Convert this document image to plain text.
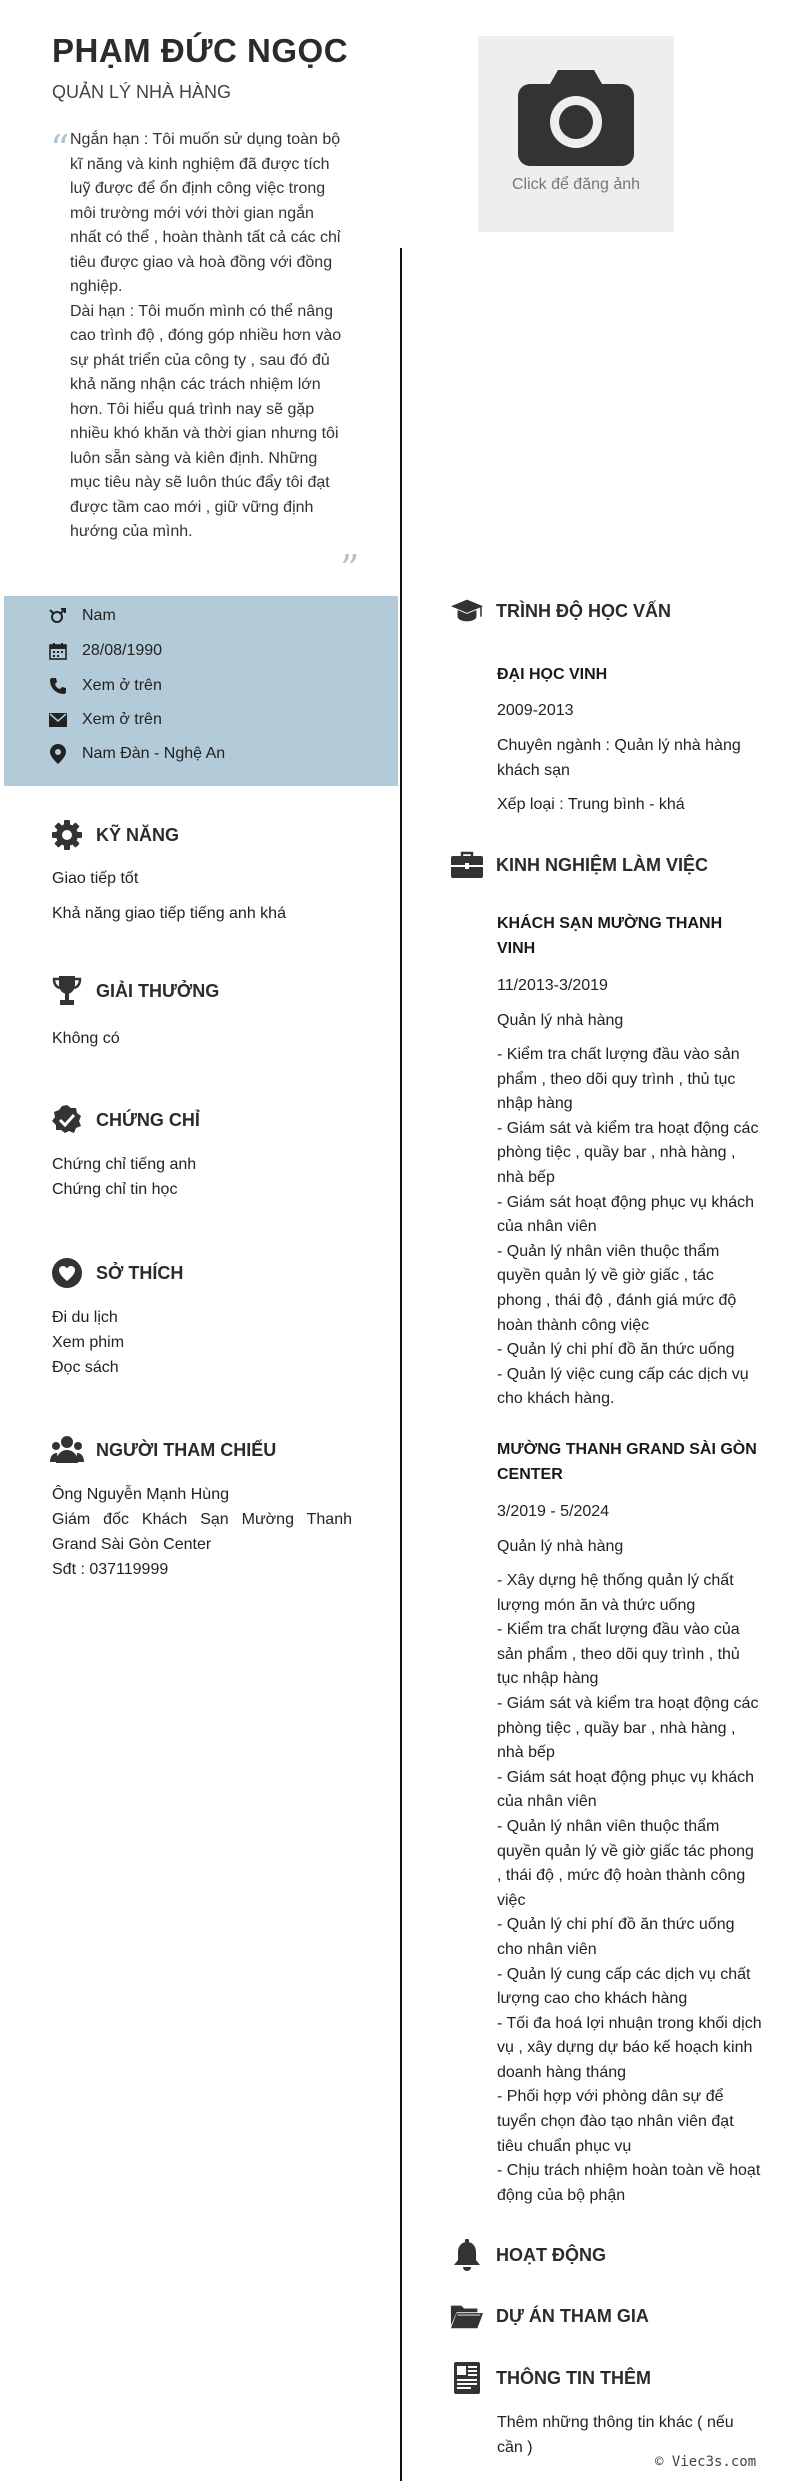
PHẠM ĐỨC NGỌC
QUẢN LÝ NHÀ HÀNG
Click để đăng ảnh
“ Ngắn hạn : Tôi muốn sử dụng toàn bộ kĩ năng và kinh nghiệm đã được tích luỹ được để ổn định công việc trong môi trường mới với thời gian ngắn nhất có thể , hoàn thành tất cả các chỉ tiêu được giao và hoà đồng với đồng nghiệp.

Dài hạn : Tôi muốn mình có thể nâng cao trình độ , đóng góp nhiều hơn vào sự phát triển của công ty , sau đó đủ khả năng nhận các trách nhiệm lớn hơn. Tôi hiểu quá trình nay sẽ gặp nhiều khó khăn và thời gian nhưng tôi luôn sẵn sàng và kiên định. Những mục tiêu này sẽ luôn thúc đẩy tôi đạt được tầm cao mới , giữ vững định hướng của mình.

”
Nam
28/08/1990
Xem ở trên
Xem ở trên
Nam Đàn - Nghệ An
KỸ NĂNG
Giao tiếp tốt
Khả năng giao tiếp tiếng anh khá
GIẢI THƯỞNG
Không có
CHỨNG CHỈ
Chứng chỉ tiếng anh
Chứng chỉ tin học
SỞ THÍCH
Đi du lịch
Xem phim
Đọc sách
NGƯỜI THAM CHIẾU
Ông Nguyễn Mạnh Hùng
Giám đốc Khách Sạn Mường Thanh
Grand Sài Gòn Center
Sđt : 037119999
TRÌNH ĐỘ HỌC VẤN
ĐẠI HỌC VINH
2009-2013
Chuyên ngành : Quản lý nhà hàng khách sạn
Xếp loại : Trung bình - khá
KINH NGHIỆM LÀM VIỆC
KHÁCH SẠN MƯỜNG THANH VINH
11/2013-3/2019
Quản lý nhà hàng
- Kiểm tra chất lượng đầu vào sản phẩm , theo dõi quy trình , thủ tục nhập hàng
- Giám sát và kiểm tra hoạt động các phòng tiệc , quầy bar , nhà hàng , nhà bếp
- Giám sát hoạt động phục vụ khách của nhân viên
- Quản lý nhân viên thuộc thẩm quyền quản lý về giờ giấc , tác phong , thái độ , đánh giá mức độ hoàn thành công việc
- Quản lý chi phí đồ ăn thức uống
- Quản lý việc cung cấp các dịch vụ cho khách hàng.
MƯỜNG THANH GRAND SÀI GÒN CENTER
3/2019 - 5/2024
Quản lý nhà hàng
- Xây dựng hệ thống quản lý chất lượng món ăn và thức uống
- Kiểm tra chất lượng đầu vào của sản phẩm , theo dõi quy trình , thủ tục nhập hàng
- Giám sát và kiểm tra hoạt động các phòng tiệc , quầy bar , nhà hàng , nhà bếp
- Giám sát hoạt động phục vụ khách của nhân viên
- Quản lý nhân viên thuộc thẩm quyền quản lý về giờ giấc tác phong , thái độ , mức độ hoàn thành công việc
- Quản lý chi phí đồ ăn thức uống cho nhân viên
- Quản lý cung cấp các dịch vụ chất lượng cao cho khách hàng
- Tối đa hoá lợi nhuận trong khối dịch vụ , xây dựng dự báo kế hoạch kinh doanh hàng tháng
- Phối hợp với phòng dân sự để tuyển chọn đào tạo nhân viên đạt tiêu chuẩn phục vụ
- Chịu trách nhiệm hoàn toàn về hoạt động của bộ phận
HOẠT ĐỘNG
DỰ ÁN THAM GIA
THÔNG TIN THÊM
Thêm những thông tin khác ( nếu cần )
© Viec3s.com
